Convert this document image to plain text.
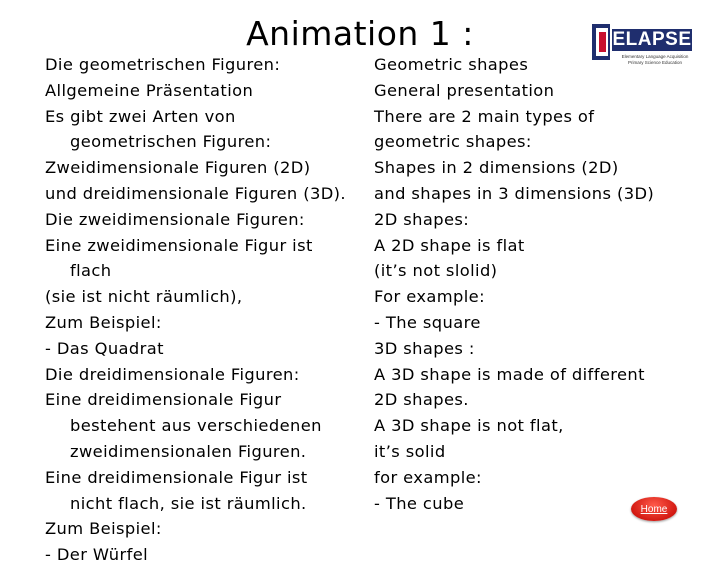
Animation 1 :	ELAPSE
Elementary Language Acquisition Primary Science Education
Die geometrischen Figuren:
Allgemeine Präsentation
Es gibt zwei Arten von
geometrischen Figuren:
Zweidimensionale Figuren (2D)
und dreidimensionale Figuren (3D).
Die zweidimensionale Figuren:
Eine zweidimensionale Figur ist
flach
(sie ist nicht räumlich),
Zum Beispiel:
- Das Quadrat
Die dreidimensionale Figuren:
Eine dreidimensionale Figur
bestehent aus verschiedenen
zweidimensionalen Figuren.
Eine dreidimensionale Figur ist
nicht flach, sie ist räumlich.
Zum Beispiel:
- Der Würfel
Geometric shapes
General presentation
There are 2 main types of
geometric shapes:
Shapes in 2 dimensions (2D)
and shapes in 3 dimensions (3D)
2D shapes:
A 2D shape is flat
(it’s not slolid)
For example:
- The square
3D shapes :
A 3D shape is made of different
2D shapes.
A 3D shape is not flat,
it’s solid
for example:
- The cube	Home
